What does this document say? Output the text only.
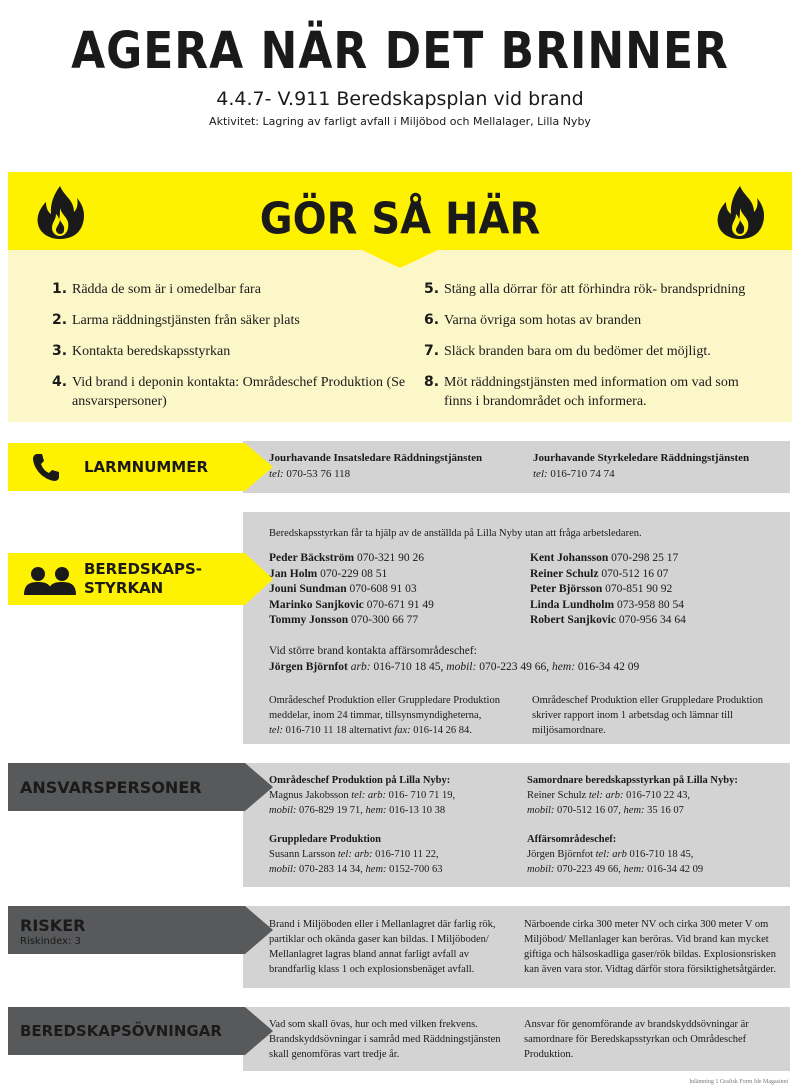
AGERA NÄR DET BRINNER
4.4.7- V.911 Beredskapsplan vid brand
Aktivitet: Lagring av farligt avfall i Miljöbod och Mellalager, Lilla Nyby
GÖR SÅ HÄR
1. Rädda de som är i omedelbar fara
2. Larma räddningstjänsten från säker plats
3. Kontakta beredskapsstyrkan
4. Vid brand i deponin kontakta: Områdeschef Produktion (Se ansvarspersoner)
5. Stäng alla dörrar för att förhindra rök- brandspridning
6. Varna övriga som hotas av branden
7. Släck branden bara om du bedömer det möjligt.
8. Möt räddningstjänsten med information om vad som finns i brandområdet och informera.
Jourhavande Insatsledare Räddningstjänsten
tel: 070-53 76 118
Jourhavande Styrkeledare Räddningstjänsten
tel: 016-710 74 74
LARMNUMMER
Beredskapsstyrkan får ta hjälp av de anställda på Lilla Nyby utan att fråga arbetsledaren.
Peder Bäckström 070-321 90 26
Jan Holm 070-229 08 51
Jouni Sundman 070-608 91 03
Marinko Sanjkovic 070-671 91 49
Tommy Jonsson 070-300 66 77
Kent Johansson 070-298 25 17
Reiner Schulz 070-512 16 07
Peter Björsson 070-851 90 92
Linda Lundholm 073-958 80 54
Robert Sanjkovic 070-956 34 64
Vid större brand kontakta affärsområdeschef:
Jörgen Björnfot arb: 016-710 18 45, mobil: 070-223 49 66, hem: 016-34 42 09
Områdeschef Produktion eller Gruppledare Produktion meddelar, inom 24 timmar, tillsynsmyndigheterna,
tel: 016-710 11 18 alternativt fax: 016-14 26 84.
Områdeschef Produktion eller Gruppledare Produktion skriver rapport inom 1 arbetsdag och lämnar till miljösamordnare.
BEREDSKAPS-
STYRKAN
Områdeschef Produktion på Lilla Nyby:
Magnus Jakobsson tel: arb: 016- 710 71 19,
mobil: 076-829 19 71, hem: 016-13 10 38
Samordnare beredskapsstyrkan på Lilla Nyby:
Reiner Schulz tel: arb: 016-710 22 43,
mobil: 070-512 16 07, hem: 35 16 07
Gruppledare Produktion
Susann Larsson tel: arb: 016-710 11 22,
mobil: 070-283 14 34, hem: 0152-700 63
Affärsområdeschef:
Jörgen Björnfot tel: arb 016-710 18 45,
mobil: 070-223 49 66, hem: 016-34 42 09
ANSVARSPERSONER
Brand i Miljöboden eller i Mellanlagret där farlig rök, partiklar och okända gaser kan bildas. I Miljöboden/ Mellanlagret lagras bland annat farligt avfall av brandfarlig klass 1 och explosionsbenäget avfall.
Närboende cirka 300 meter NV och cirka 300 meter V om Miljöbod/ Mellanlager kan beröras. Vid brand kan mycket giftiga och hälsoskadliga gaser/rök bildas. Explosionsrisken kan även vara stor. Vidtag därför stora försiktighetsåtgärder.
RISKER
Riskindex: 3
Vad som skall övas, hur och med vilken frekvens. Brandskyddsövningar i samråd med Räddningstjänsten skall genomföras vart tredje år.
Ansvar för genomförande av brandskyddsövningar är samordnare för Beredskapsstyrkan och Områdeschef Produktion.
BEREDSKAPSÖVNINGAR
Inlämning 1 Grafisk Form Ide Magasinet
